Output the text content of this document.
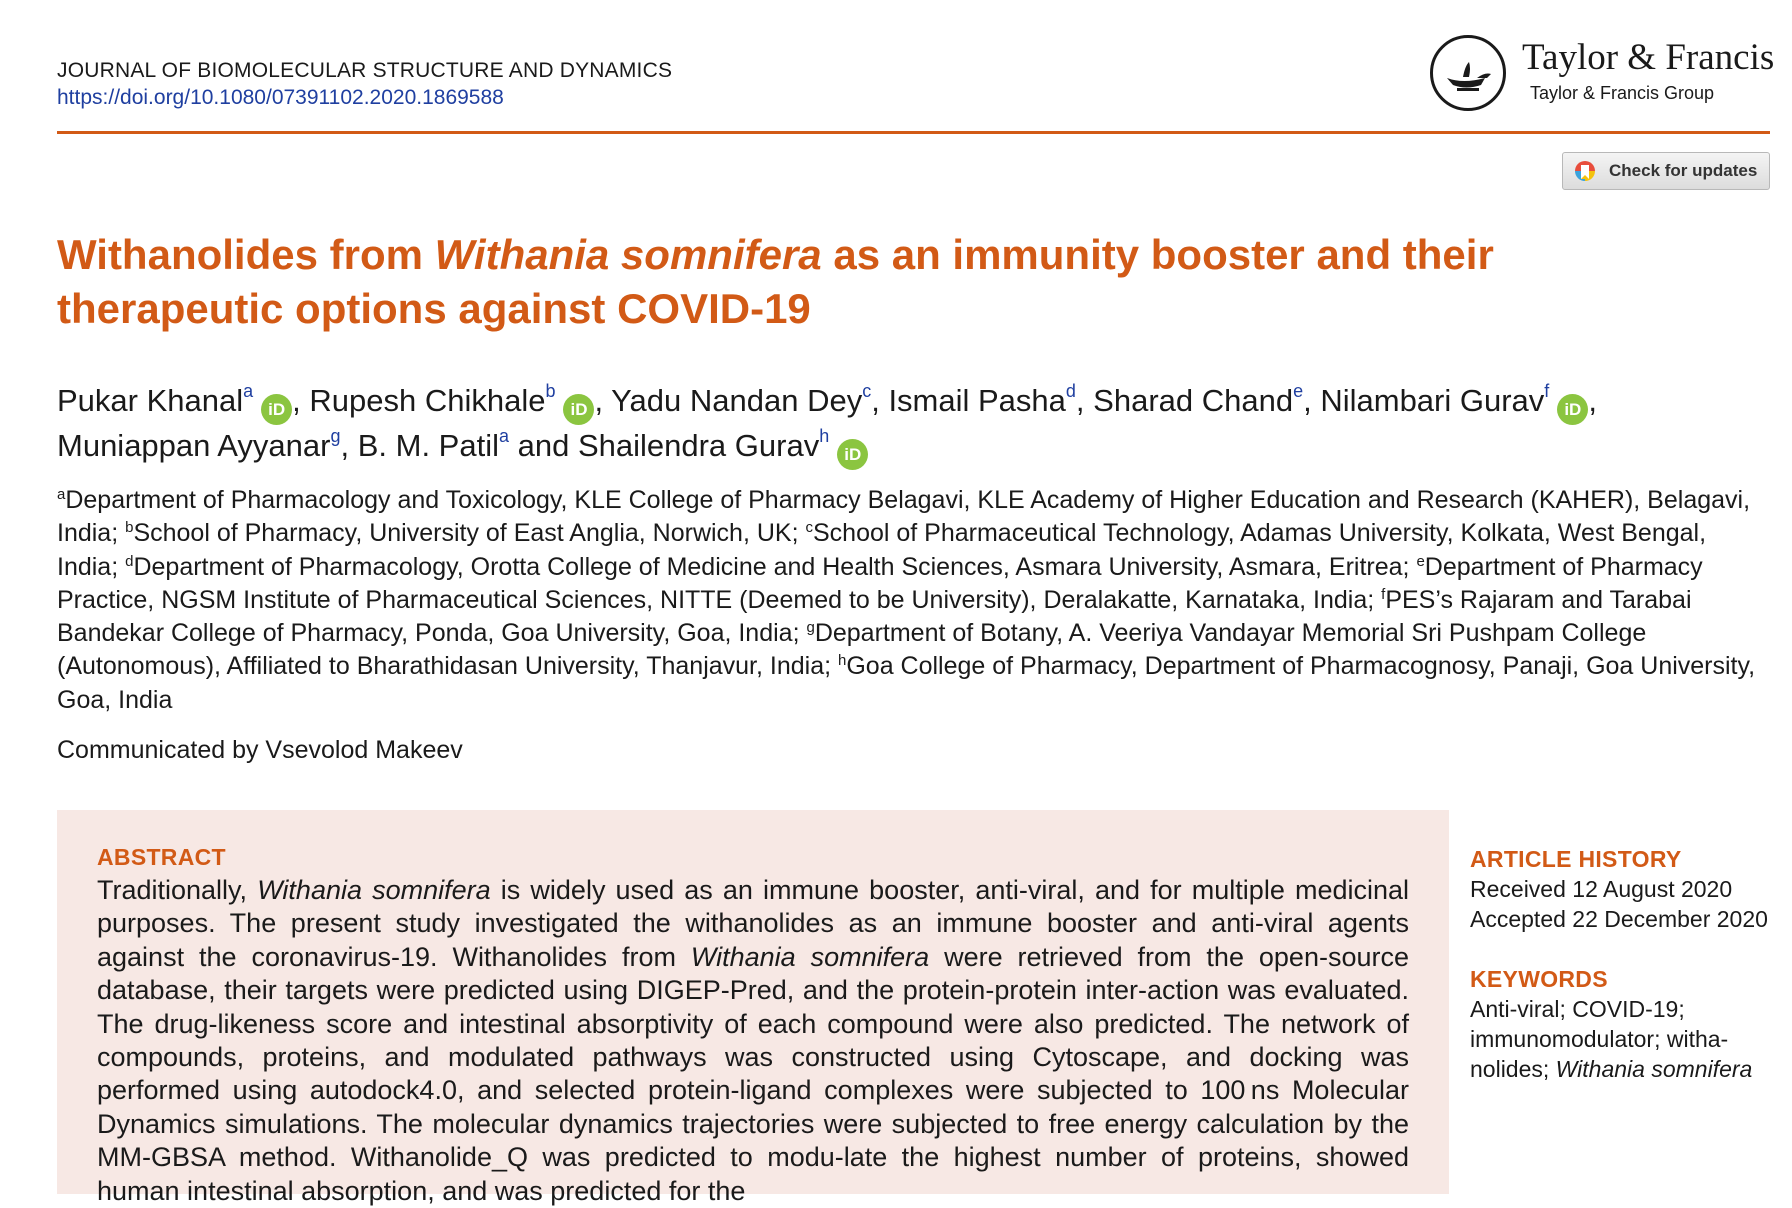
JOURNAL OF BIOMOLECULAR STRUCTURE AND DYNAMICS
https://doi.org/10.1080/07391102.2020.1869588
Taylor & Francis
Taylor & Francis Group
Check for updates
Withanolides from Withania somnifera as an immunity booster and their therapeutic options against COVID-19
Pukar Khanal$^a$iD , Rupesh Chikhale$^b$iD , Yadu Nandan Dey$^c$, Ismail Pasha$^d$, Sharad Chand$^e$, Nilambari Gurav$^f$iD ,
Muniappan Ayyanar$^g$, B. M. Patil$^a$ and Shailendra Gurav$^h$iD
$^a$Department of Pharmacology and Toxicology, KLE College of Pharmacy Belagavi, KLE Academy of Higher Education and Research (KAHER), Belagavi, India; $^b$School of Pharmacy, University of East Anglia, Norwich, UK; $^c$School of Pharmaceutical Technology, Adamas University, Kolkata, West Bengal, India; $^d$Department of Pharmacology, Orotta College of Medicine and Health Sciences, Asmara University, Asmara, Eritrea; $^e$Department of Pharmacy Practice, NGSM Institute of Pharmaceutical Sciences, NITTE (Deemed to be University), Deralakatte, Karnataka, India; $^f$PES’s Rajaram and Tarabai Bandekar College of Pharmacy, Ponda, Goa University, Goa, India; $^g$Department of Botany, A. Veeriya Vandayar Memorial Sri Pushpam College (Autonomous), Affiliated to Bharathidasan University, Thanjavur, India; $^h$Goa College of Pharmacy, Department of Pharmacognosy, Panaji, Goa University, Goa, India
Communicated by Vsevolod Makeev
ABSTRACT
Traditionally, Withania somnifera is widely used as an immune booster, anti-viral, and for multiple medicinal purposes. The present study investigated the withanolides as an immune booster and anti-viral agents against the coronavirus-19. Withanolides from Withania somnifera were retrieved from the open-source database, their targets were predicted using DIGEP-Pred, and the protein-protein inter-action was evaluated. The drug-likeness score and intestinal absorptivity of each compound were also predicted. The network of compounds, proteins, and modulated pathways was constructed using Cytoscape, and docking was performed using autodock4.0, and selected protein-ligand complexes were subjected to 100 ns Molecular Dynamics simulations. The molecular dynamics trajectories were subjected to free energy calculation by the MM-GBSA method. Withanolide_Q was predicted to modu-late the highest number of proteins, showed human intestinal absorption, and was predicted for the
ARTICLE HISTORY
Received 12 August 2020
Accepted 22 December 2020
KEYWORDS
Anti-viral; COVID-19; immunomodulator; witha-nolides; Withania somnifera
